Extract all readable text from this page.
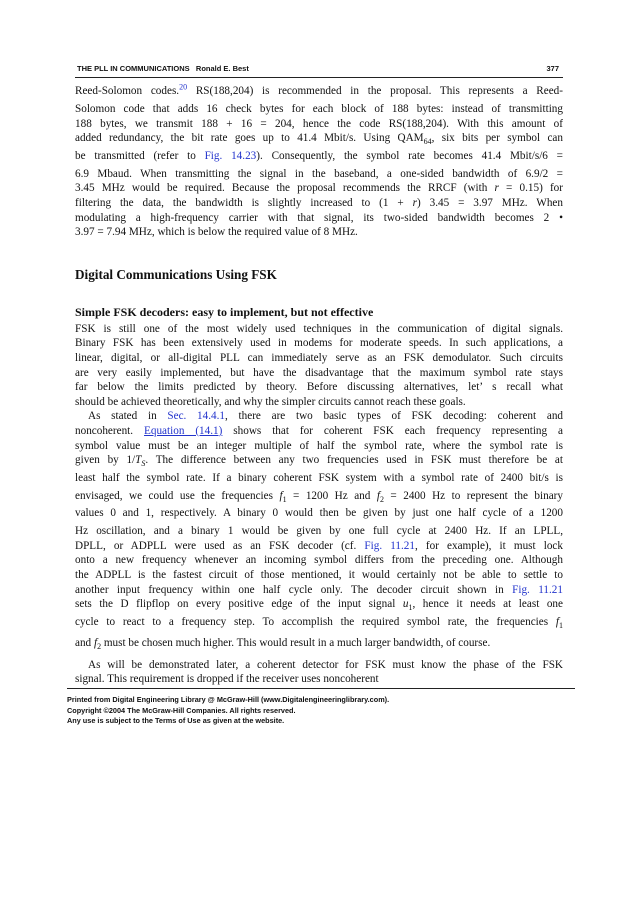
THE PLL IN COMMUNICATIONS Ronald E. Best	377

Reed-Solomon codes.$^{20}$ RS(188,204) is recommended in the proposal. This represents a Reed-
Solomon code that adds 16 check bytes for each block of 188 bytes: instead of transmitting
188 bytes, we transmit 188 + 16 = 204, hence the code RS(188,204). With this amount of
added redundancy, the bit rate goes up to 41.4 Mbit/s. Using $QAM_{64}$, six bits per symbol can
be transmitted (refer to Fig. 14.23). Consequently, the symbol rate becomes 41.4 Mbit/s/6 =
6.9 Mbaud. When transmitting the signal in the baseband, a one-sided bandwidth of 6.9/2 =
3.45 MHz would be required. Because the proposal recommends the RRCF (with r = 0.15) for
filtering the data, the bandwidth is slightly increased to (1 + r) 3.45 = 3.97 MHz. When
modulating a high-frequency carrier with that signal, its two-sided bandwidth becomes 2 •
3.97 = 7.94 MHz, which is below the required value of 8 MHz.

Digital Communications Using FSK
Simple FSK decoders: easy to implement, but not effective

FSK is still one of the most widely used techniques in the communication of digital signals.
Binary FSK has been extensively used in modems for moderate speeds. In such applications, a
linear, digital, or all-digital PLL can immediately serve as an FSK demodulator. Such circuits
are very easily implemented, but have the disadvantage that the maximum symbol rate stays
far below the limits predicted by theory. Before discussing alternatives, let’ s recall what
should be achieved theoretically, and why the simpler circuits cannot reach these goals.

As stated in Sec. 14.4.1, there are two basic types of FSK decoding: coherent and
noncoherent. Equation (14.1) shows that for coherent FSK each frequency representing a
symbol value must be an integer multiple of half the symbol rate, where the symbol rate is
given by $1/T_S$. The difference between any two frequencies used in FSK must therefore be at
least half the symbol rate. If a binary coherent FSK system with a symbol rate of 2400 bit/s is
envisaged, we could use the frequencies $f_1 = 1200$ Hz and $f_2 = 2400$ Hz to represent the binary
values 0 and 1, respectively. A binary 0 would then be given by just one half cycle of a 1200
Hz oscillation, and a binary 1 would be given by one full cycle at 2400 Hz. If an LPLL,
DPLL, or ADPLL were used as an FSK decoder (cf. Fig. 11.21, for example), it must lock
onto a new frequency whenever an incoming symbol differs from the preceding one. Although
the ADPLL is the fastest circuit of those mentioned, it would certainly not be able to settle to
another input frequency within one half cycle only. The decoder circuit shown in Fig. 11.21
sets the D flipflop on every positive edge of the input signal $u_1$, hence it needs at least one
cycle to react to a frequency step. To accomplish the required symbol rate, the frequencies $f_1$
and $f_2$ must be chosen much higher. This would result in a much larger bandwidth, of course.

As will be demonstrated later, a coherent detector for FSK must know the phase of the FSK
signal. This requirement is dropped if the receiver uses noncoherent

Printed from Digital Engineering Library @ McGraw-Hill (www.Digitalengineeringlibrary.com).
Copyright ©2004 The McGraw-Hill Companies. All rights reserved.
Any use is subject to the Terms of Use as given at the website.
